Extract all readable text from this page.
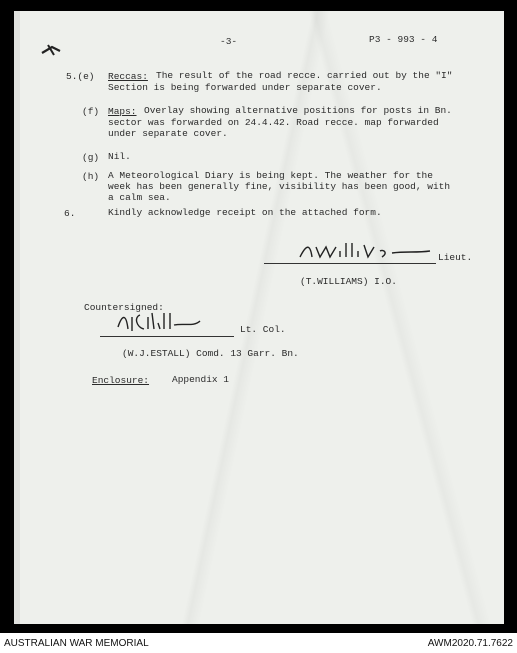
-3-	P3 - 993 - 4
5.(e) Reccas: The result of the road recce. carried out by the "I"
Section is being forwarded under separate cover.
(f) Maps: Overlay showing alternative positions for posts in Bn.
sector was forwarded on 24.4.42. Road recce. map forwarded
under separate cover.
(g) Nil.
(h) A Meteorological Diary is being kept. The weather for the
week has been generally fine, visibility has been good, with
a calm sea.
6.	Kindly acknowledge receipt on the attached form.
Lieut.
(T.WILLIAMS) I.O.
Countersigned:
Lt. Col.
(W.J.ESTALL) Comd. 13 Garr. Bn.
Enclosure: Appendix 1
AUSTRALIAN WAR MEMORIAL	AWM2020.71.7622
